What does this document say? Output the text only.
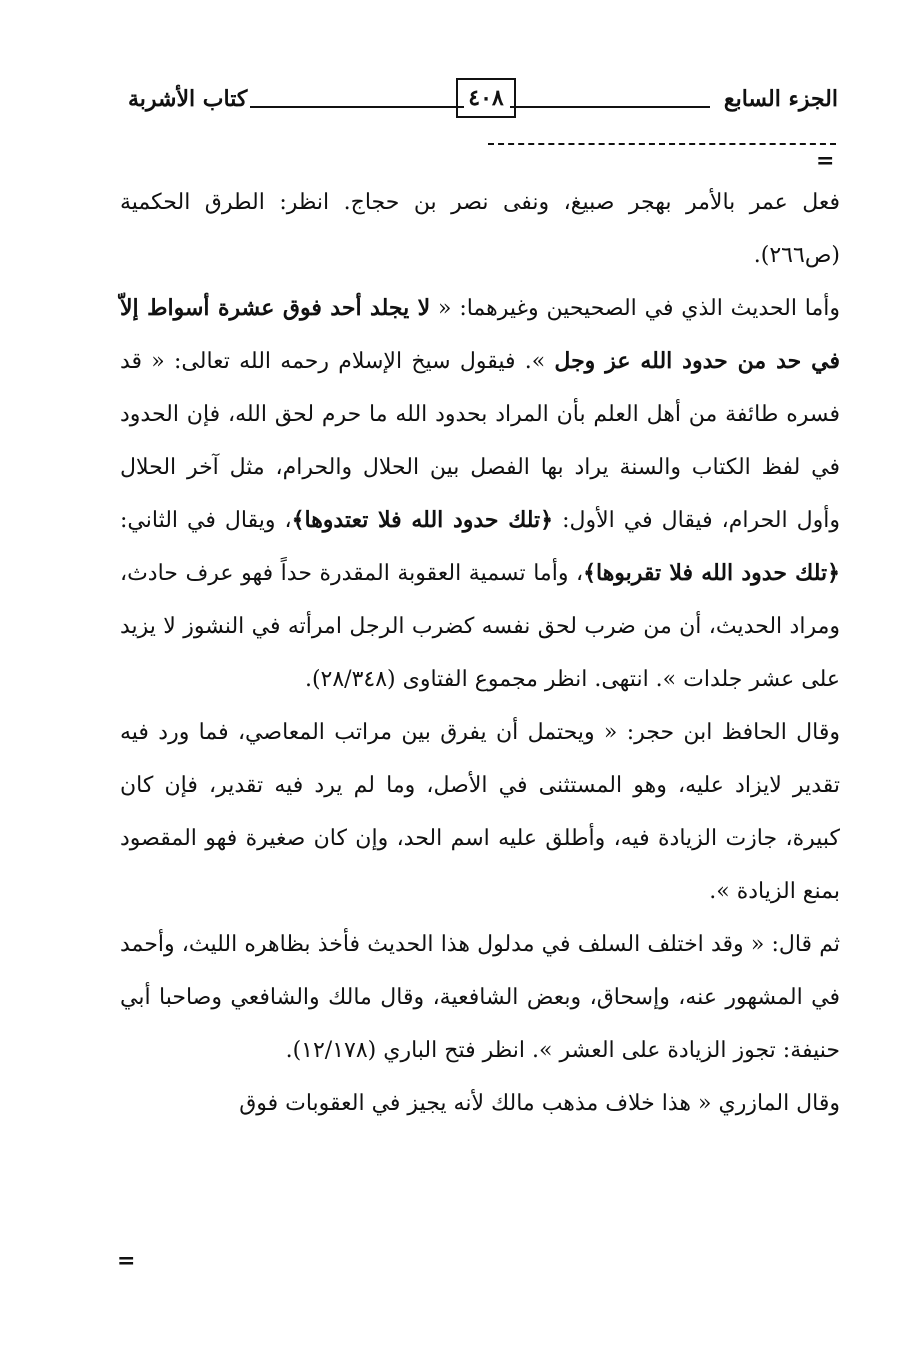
الجزء السابع
٤٠٨
كتاب الأشربة
=

فعل عمر بالأمر بهجر صبيغ، ونفى نصر بن حجاج. انظر: الطرق الحكمية (ص٢٦٦).

وأما الحديث الذي في الصحيحين وغيرهما: « لا يجلد أحد فوق عشرة أسواط إلاّ في حد من حدود الله عز وجل ». فيقول سيخ الإسلام رحمه الله تعالى: « قد فسره طائفة من أهل العلم بأن المراد بحدود الله ما حرم لحق الله، فإن الحدود في لفظ الكتاب والسنة يراد بها الفصل بين الحلال والحرام، مثل آخر الحلال وأول الحرام، فيقال في الأول: ﴿تلك حدود الله فلا تعتدوها﴾، ويقال في الثاني: ﴿تلك حدود الله فلا تقربوها﴾، وأما تسمية العقوبة المقدرة حداً فهو عرف حادث، ومراد الحديث، أن من ضرب لحق نفسه كضرب الرجل امرأته في النشوز لا يزيد على عشر جلدات ». انتهى. انظر مجموع الفتاوى (٢٨/٣٤٨).

وقال الحافظ ابن حجر: « ويحتمل أن يفرق بين مراتب المعاصي، فما ورد فيه تقدير لايزاد عليه، وهو المستثنى في الأصل، وما لم يرد فيه تقدير، فإن كان كبيرة، جازت الزيادة فيه، وأطلق عليه اسم الحد، وإن كان صغيرة فهو المقصود بمنع الزيادة ».

ثم قال: « وقد اختلف السلف في مدلول هذا الحديث فأخذ بظاهره الليث، وأحمد في المشهور عنه، وإسحاق، وبعض الشافعية، وقال مالك والشافعي وصاحبا أبي حنيفة: تجوز الزيادة على العشر ». انظر فتح الباري (١٢/١٧٨).

وقال المازري « هذا خلاف مذهب مالك لأنه يجيز في العقوبات فوق

=
